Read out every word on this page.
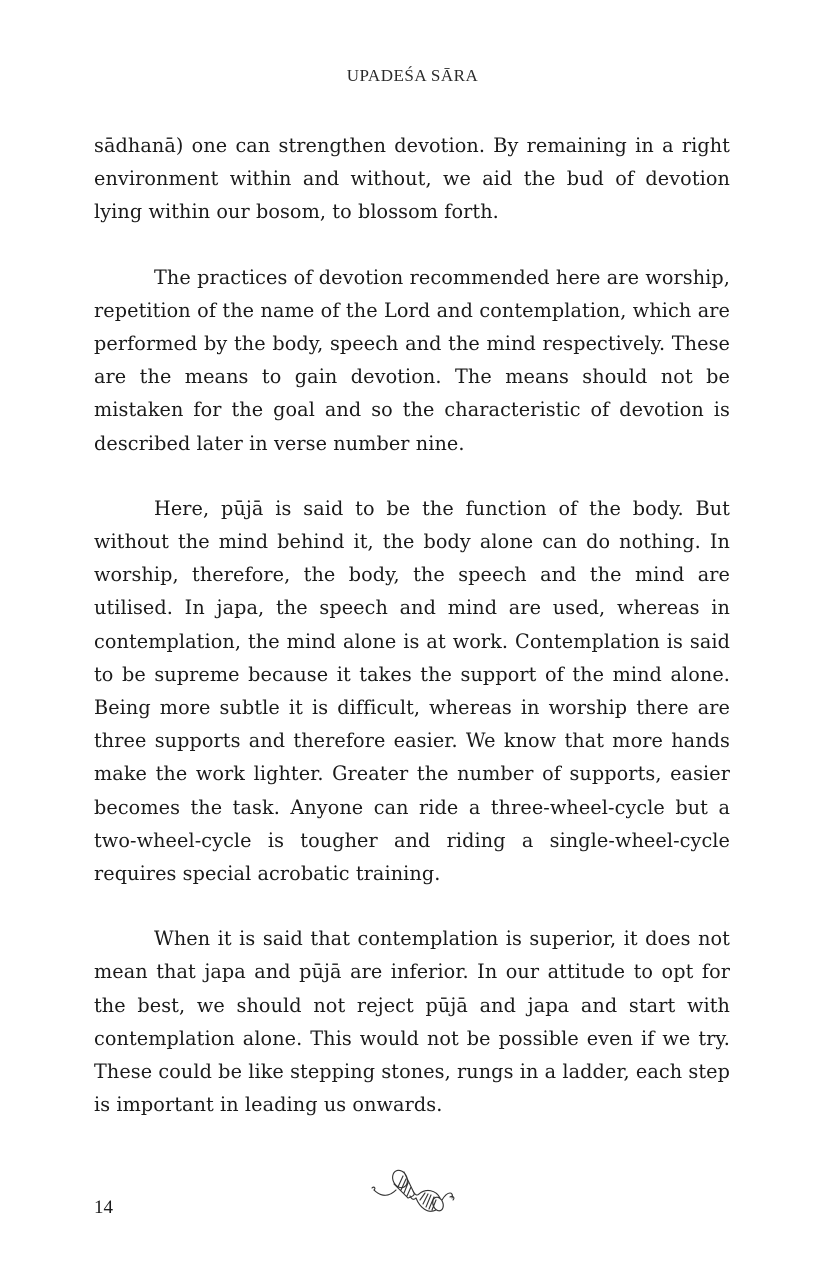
UPADEŚA SĀRA

sādhanā) one can strengthen devotion. By remaining in a right environment within and without, we aid the bud of devotion lying within our bosom, to blossom forth.

The practices of devotion recommended here are worship, repetition of the name of the Lord and contemplation, which are performed by the body, speech and the mind respectively. These are the means to gain devotion. The means should not be mistaken for the goal and so the characteristic of devotion is described later in verse number nine.

Here, pūjā is said to be the function of the body. But without the mind behind it, the body alone can do nothing. In worship, therefore, the body, the speech and the mind are utilised. In japa, the speech and mind are used, whereas in contemplation, the mind alone is at work. Contemplation is said to be supreme because it takes the support of the mind alone. Being more subtle it is difficult, whereas in worship there are three supports and therefore easier. We know that more hands make the work lighter. Greater the number of supports, easier becomes the task. Anyone can ride a three-wheel-cycle but a two-wheel-cycle is tougher and riding a single-wheel-cycle requires special acrobatic training.

When it is said that contemplation is superior, it does not mean that japa and pūjā are inferior. In our attitude to opt for the best, we should not reject pūjā and japa and start with contemplation alone. This would not be possible even if we try. These could be like stepping stones, rungs in a ladder, each step is important in leading us onwards.

14
